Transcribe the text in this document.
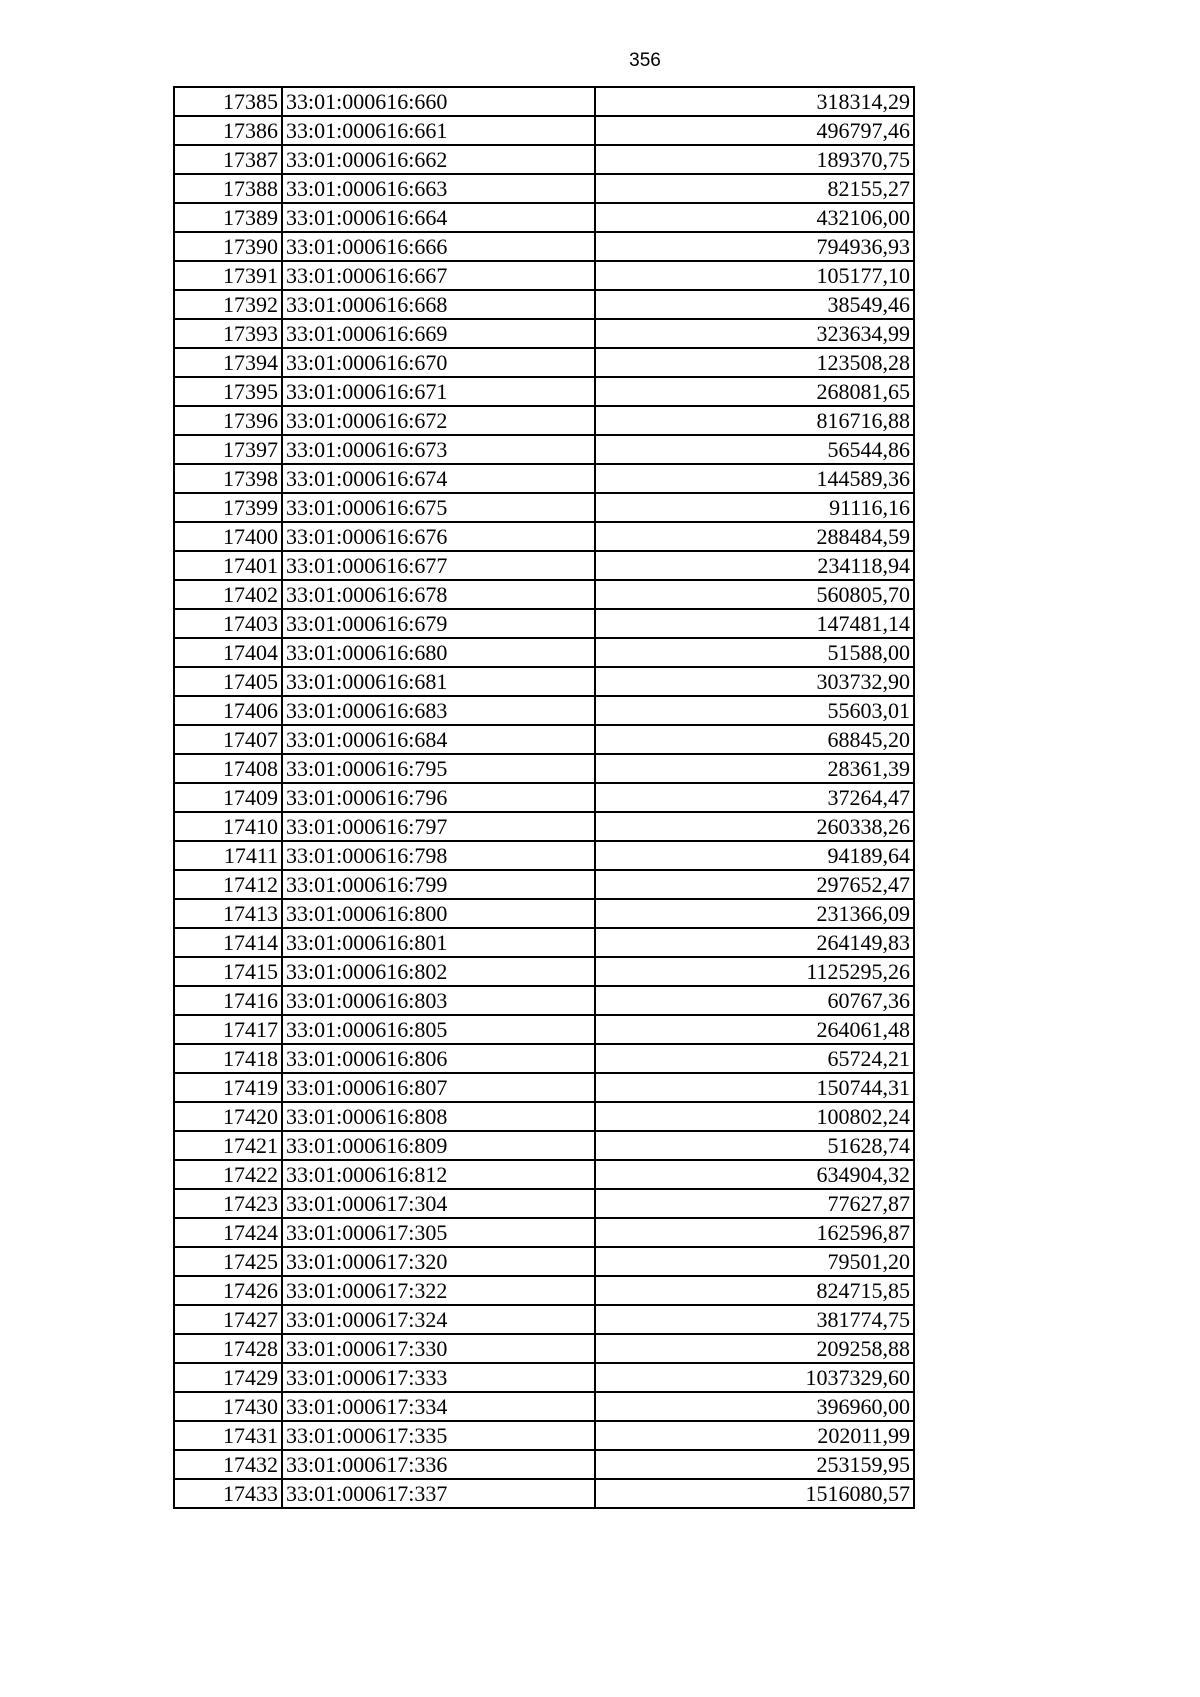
356
17385	33:01:000616:660	318314,29
17386	33:01:000616:661	496797,46
17387	33:01:000616:662	189370,75
17388	33:01:000616:663	82155,27
17389	33:01:000616:664	432106,00
17390	33:01:000616:666	794936,93
17391	33:01:000616:667	105177,10
17392	33:01:000616:668	38549,46
17393	33:01:000616:669	323634,99
17394	33:01:000616:670	123508,28
17395	33:01:000616:671	268081,65
17396	33:01:000616:672	816716,88
17397	33:01:000616:673	56544,86
17398	33:01:000616:674	144589,36
17399	33:01:000616:675	91116,16
17400	33:01:000616:676	288484,59
17401	33:01:000616:677	234118,94
17402	33:01:000616:678	560805,70
17403	33:01:000616:679	147481,14
17404	33:01:000616:680	51588,00
17405	33:01:000616:681	303732,90
17406	33:01:000616:683	55603,01
17407	33:01:000616:684	68845,20
17408	33:01:000616:795	28361,39
17409	33:01:000616:796	37264,47
17410	33:01:000616:797	260338,26
17411	33:01:000616:798	94189,64
17412	33:01:000616:799	297652,47
17413	33:01:000616:800	231366,09
17414	33:01:000616:801	264149,83
17415	33:01:000616:802	1125295,26
17416	33:01:000616:803	60767,36
17417	33:01:000616:805	264061,48
17418	33:01:000616:806	65724,21
17419	33:01:000616:807	150744,31
17420	33:01:000616:808	100802,24
17421	33:01:000616:809	51628,74
17422	33:01:000616:812	634904,32
17423	33:01:000617:304	77627,87
17424	33:01:000617:305	162596,87
17425	33:01:000617:320	79501,20
17426	33:01:000617:322	824715,85
17427	33:01:000617:324	381774,75
17428	33:01:000617:330	209258,88
17429	33:01:000617:333	1037329,60
17430	33:01:000617:334	396960,00
17431	33:01:000617:335	202011,99
17432	33:01:000617:336	253159,95
17433	33:01:000617:337	1516080,57
